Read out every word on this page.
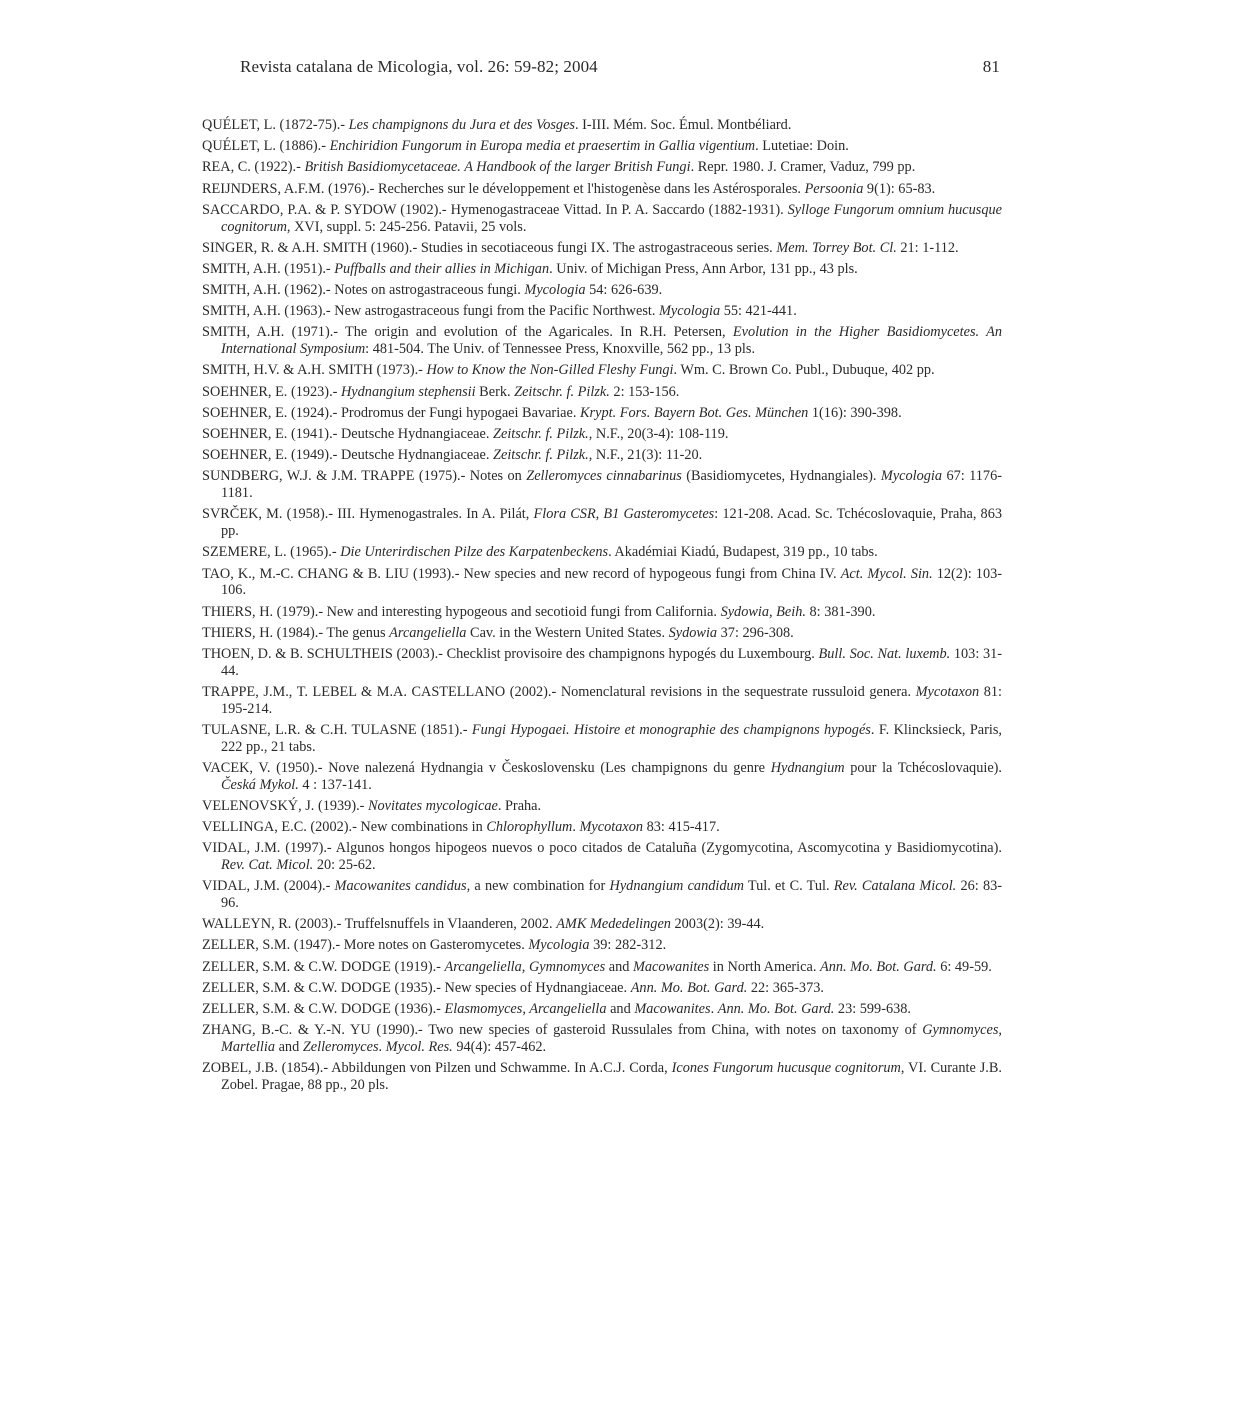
Revista catalana de Micologia, vol. 26: 59-82; 2004	81

QUÉLET, L. (1872-75).- Les champignons du Jura et des Vosges. I-III. Mém. Soc. Émul. Montbéliard.

QUÉLET, L. (1886).- Enchiridion Fungorum in Europa media et praesertim in Gallia vigentium. Lutetiae: Doin.

REA, C. (1922).- British Basidiomycetaceae. A Handbook of the larger British Fungi. Repr. 1980. J. Cramer, Vaduz, 799 pp.

REIJNDERS, A.F.M. (1976).- Recherches sur le développement et l'histogenèse dans les Astérosporales. Persoonia 9(1): 65-83.

SACCARDO, P.A. & P. SYDOW (1902).- Hymenogastraceae Vittad. In P. A. Saccardo (1882-1931). Sylloge Fungorum omnium hucusque cognitorum, XVI, suppl. 5: 245-256. Patavii, 25 vols.

SINGER, R. & A.H. SMITH (1960).- Studies in secotiaceous fungi IX. The astrogastraceous series. Mem. Torrey Bot. Cl. 21: 1-112.

SMITH, A.H. (1951).- Puffballs and their allies in Michigan. Univ. of Michigan Press, Ann Arbor, 131 pp., 43 pls.

SMITH, A.H. (1962).- Notes on astrogastraceous fungi. Mycologia 54: 626-639.

SMITH, A.H. (1963).- New astrogastraceous fungi from the Pacific Northwest. Mycologia 55: 421-441.

SMITH, A.H. (1971).- The origin and evolution of the Agaricales. In R.H. Petersen, Evolution in the Higher Basidiomycetes. An International Symposium: 481-504. The Univ. of Tennessee Press, Knoxville, 562 pp., 13 pls.

SMITH, H.V. & A.H. SMITH (1973).- How to Know the Non-Gilled Fleshy Fungi. Wm. C. Brown Co. Publ., Dubuque, 402 pp.

SOEHNER, E. (1923).- Hydnangium stephensii Berk. Zeitschr. f. Pilzk. 2: 153-156.

SOEHNER, E. (1924).- Prodromus der Fungi hypogaei Bavariae. Krypt. Fors. Bayern Bot. Ges. München 1(16): 390-398.

SOEHNER, E. (1941).- Deutsche Hydnangiaceae. Zeitschr. f. Pilzk., N.F., 20(3-4): 108-119.

SOEHNER, E. (1949).- Deutsche Hydnangiaceae. Zeitschr. f. Pilzk., N.F., 21(3): 11-20.

SUNDBERG, W.J. & J.M. TRAPPE (1975).- Notes on Zelleromyces cinnabarinus (Basidiomycetes, Hydnangiales). Mycologia 67: 1176-1181.

SVRČEK, M. (1958).- III. Hymenogastrales. In A. Pilát, Flora CSR, B1 Gasteromycetes: 121-208. Acad. Sc. Tchécoslovaquie, Praha, 863 pp.

SZEMERE, L. (1965).- Die Unterirdischen Pilze des Karpatenbeckens. Akadémiai Kiadú, Budapest, 319 pp., 10 tabs.

TAO, K., M.-C. CHANG & B. LIU (1993).- New species and new record of hypogeous fungi from China IV. Act. Mycol. Sin. 12(2): 103-106.

THIERS, H. (1979).- New and interesting hypogeous and secotioid fungi from California. Sydowia, Beih. 8: 381-390.

THIERS, H. (1984).- The genus Arcangeliella Cav. in the Western United States. Sydowia 37: 296-308.

THOEN, D. & B. SCHULTHEIS (2003).- Checklist provisoire des champignons hypogés du Luxembourg. Bull. Soc. Nat. luxemb. 103: 31-44.

TRAPPE, J.M., T. LEBEL & M.A. CASTELLANO (2002).- Nomenclatural revisions in the sequestrate russuloid genera. Mycotaxon 81: 195-214.

TULASNE, L.R. & C.H. TULASNE (1851).- Fungi Hypogaei. Histoire et monographie des champignons hypogés. F. Klincksieck, Paris, 222 pp., 21 tabs.

VACEK, V. (1950).- Nove nalezená Hydnangia v Československu (Les champignons du genre Hydnangium pour la Tchécoslovaquie). Česká Mykol. 4 : 137-141.

VELENOVSKÝ, J. (1939).- Novitates mycologicae. Praha.

VELLINGA, E.C. (2002).- New combinations in Chlorophyllum. Mycotaxon 83: 415-417.

VIDAL, J.M. (1997).- Algunos hongos hipogeos nuevos o poco citados de Cataluña (Zygomycotina, Ascomycotina y Basidiomycotina). Rev. Cat. Micol. 20: 25-62.

VIDAL, J.M. (2004).- Macowanites candidus, a new combination for Hydnangium candidum Tul. et C. Tul. Rev. Catalana Micol. 26: 83-96.

WALLEYN, R. (2003).- Truffelsnuffels in Vlaanderen, 2002. AMK Mededelingen 2003(2): 39-44.

ZELLER, S.M. (1947).- More notes on Gasteromycetes. Mycologia 39: 282-312.

ZELLER, S.M. & C.W. DODGE (1919).- Arcangeliella, Gymnomyces and Macowanites in North America. Ann. Mo. Bot. Gard. 6: 49-59.

ZELLER, S.M. & C.W. DODGE (1935).- New species of Hydnangiaceae. Ann. Mo. Bot. Gard. 22: 365-373.

ZELLER, S.M. & C.W. DODGE (1936).- Elasmomyces, Arcangeliella and Macowanites. Ann. Mo. Bot. Gard. 23: 599-638.

ZHANG, B.-C. & Y.-N. YU (1990).- Two new species of gasteroid Russulales from China, with notes on taxonomy of Gymnomyces, Martellia and Zelleromyces. Mycol. Res. 94(4): 457-462.

ZOBEL, J.B. (1854).- Abbildungen von Pilzen und Schwamme. In A.C.J. Corda, Icones Fungorum hucusque cognitorum, VI. Curante J.B. Zobel. Pragae, 88 pp., 20 pls.
